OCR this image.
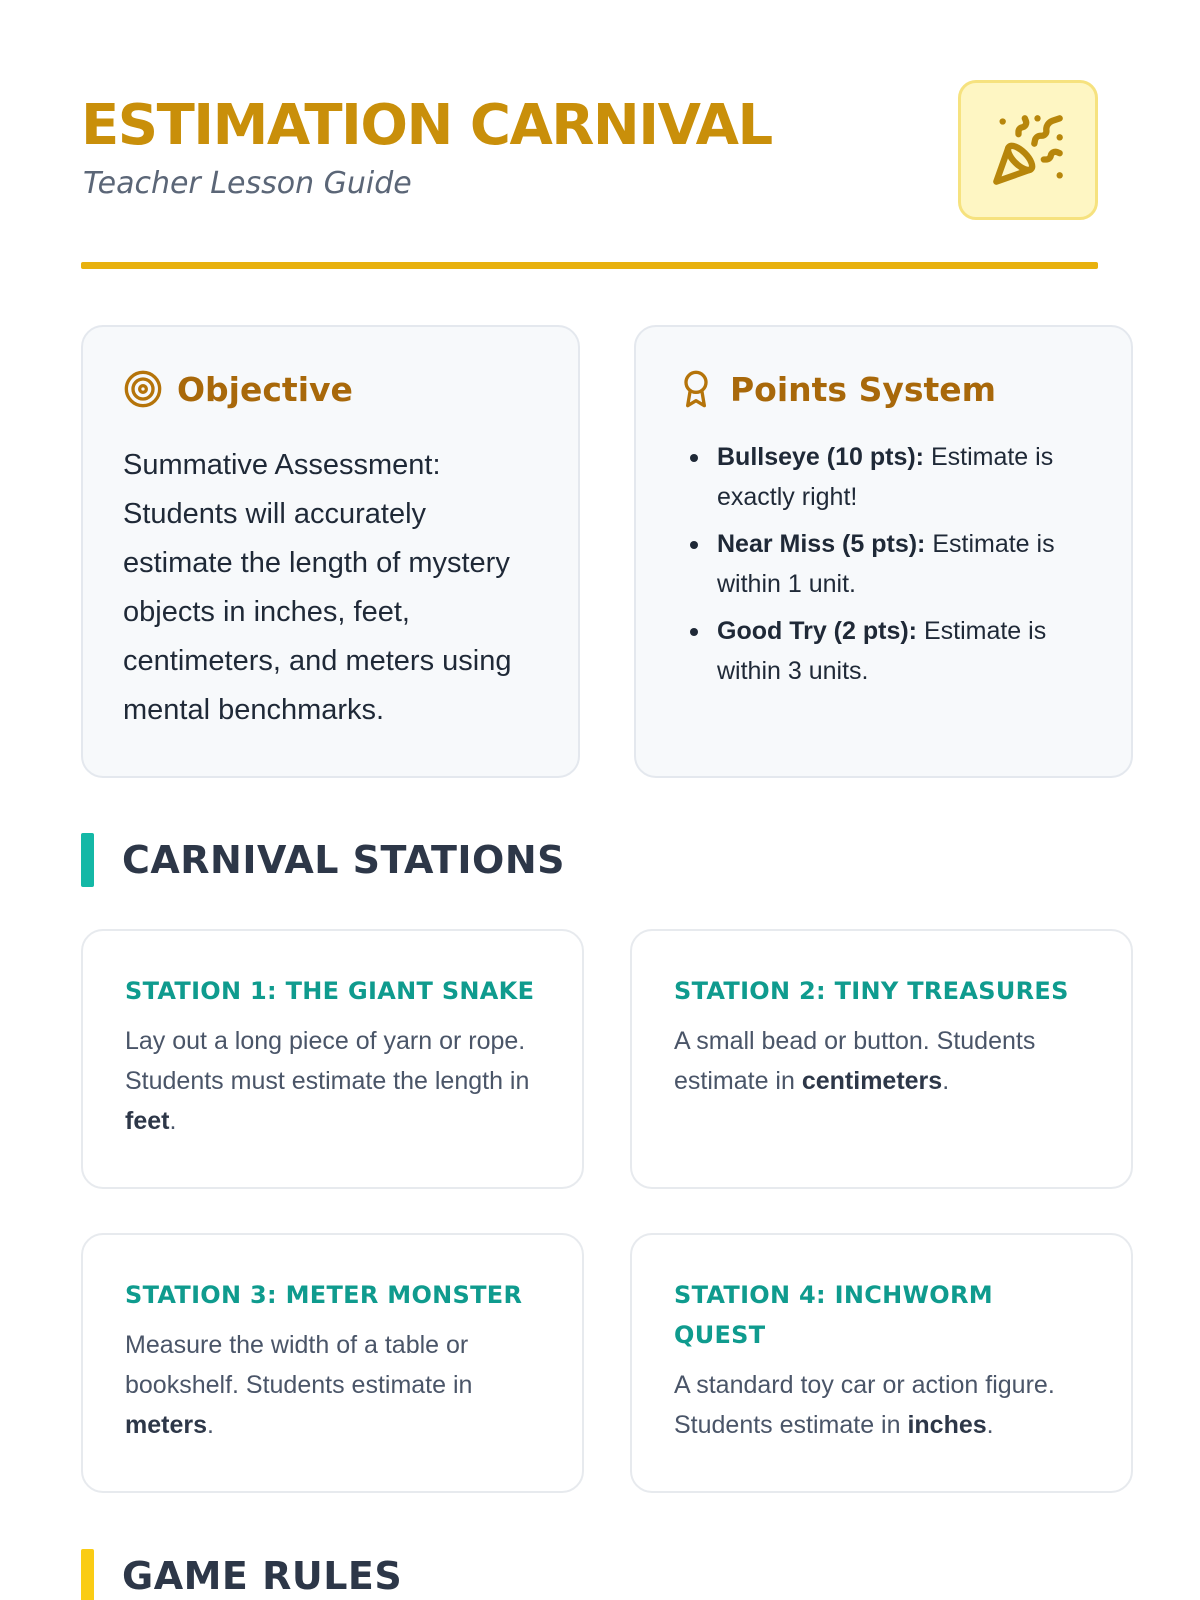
ESTIMATION CARNIVAL
Teacher Lesson Guide
Objective

Summative Assessment: Students will accurately estimate the length of mystery objects in inches, feet, centimeters, and meters using mental benchmarks.

Points System
Bullseye (10 pts): Estimate is exactly right!
Near Miss (5 pts): Estimate is within 1 unit.
Good Try (2 pts): Estimate is within 3 units.
CARNIVAL STATIONS
STATION 1: THE GIANT SNAKE
Lay out a long piece of yarn or rope. Students must estimate the length in feet.
STATION 2: TINY TREASURES
A small bead or button. Students estimate in centimeters.
STATION 3: METER MONSTER
Measure the width of a table or bookshelf. Students estimate in meters.
STATION 4: INCHWORM QUEST
A standard toy car or action figure. Students estimate in inches.
GAME RULES
